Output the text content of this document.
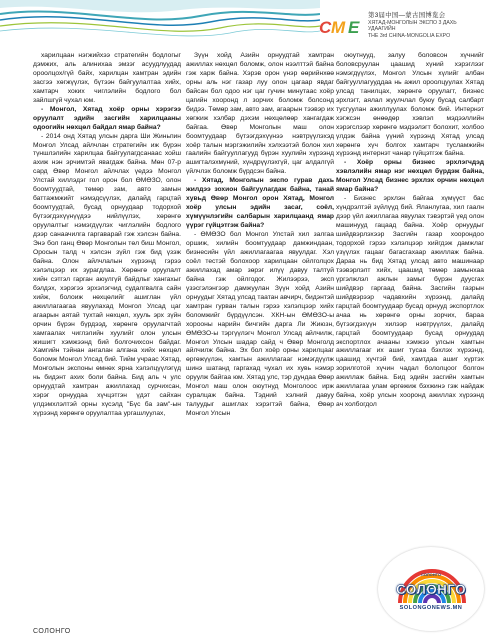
C M E
第3届中国—蒙古国博览会
ХЯТАД-МОНГОЛЫН ЭКСПО 3 ДАХЬ УДААГИЙН
THE 3rd CHINA-MONGOLIA EXPO

харилцаан нэгжийхээ стратегийн бодлогыг дэмжих, аль алинихаа эмзэг асуудлуудад ороолцох/гүй байх, харилцан хамтран эдийн засгээ хөгжүүлэх, бүтээн байгуулалтаа хийх, хамтарч хоких чиглэлийн бодлого бол зайлшгүй чухал юм.

- Монгол, Хятад хоёр орны хэрэгээ оруулалт эдийн засгийн харилцааны одоогийн нөхцөл байдал ямар байна?

- 2014 онд Хятад улсын дарга Ши Жиньпин Монгол Улсад айлчлан стратегийн иж бүрэн түншлэлийн харилцаа байгуулагдсанаас хойш ахиж нэн эрчимтэй явагдаж байна. Мөн 07-р сард Өвөр Монгол айлчлах үедээ Монгол Улстай хиллэдэг гол орон бол ӨМӨЗО, олон боомтуудтай, төмөр зам, авто замын баттажмжийт нэмэдсүүлэх, далайд гарцтай боомтуудтай, бусад орнуудаар тодорхой бүтээгдэхүүнүүдээ нийлүүлэх, хөрөнгө оруулалтыг нэмэгдүүлэх чиглэлийн бодлого дээр санаачилга гаргаварай гэж хэлсэн байна. Энэ бол ганц Өвөр Монголын төл биш Монгол, Оросын талд ч хэлсэн зүйл гэж бид үзэж байна. Олон айлчлалын хүрээнд гэрээ хэлэлцээр их зурагдлаа. Хөрөнгө оруулалт хийн сэтгэл гарган аюулгүй байдлыг хангахыг бэлдэх, хэрэгээ эрхэлэгчид судалгвалга сайн хийж, болоиж нөхцөлийг ашиглан үйл ажиллагаагаа явуулахад Монгол Улсад цаг агаарын аятай тухтай нөхцөл, хууль эрх зүйн орчин бүрэн бүрдээд, хөрөнгө оруулагчтай хамгаалах чиглэлийн хуулийг олон улсын жишигт хэмжээнд бий болгочихсон байдаг. Хамгийн тэйнан ангалан алгана хийх нөхцөл боломж Монгол Улсад бий. Тийм учраас Хятад, Монголын экспоны өмнөх ярна хэлэлцүүлэгүд нь бидэнт ахих боли байна. Бид аль ч улс орнуудтай хамтран ажиллахад сурчихсан, хэрэг орнуудаа хүчцэтгэн үдэт сайхан үлдэмхлэлтэй орны хүсэлд "Бүс ба зам"-ын хүрээнд хөрөнгө оруулалтаа ургашлуулах,

Зүүн хойд Азийн орнуудтай хамтран ажиллах нөхцөл боломж, олон нээлттэй байна гэж харж байна. Хэрэв орон үнэр өөрийнхөө орны аль нэг газар луу олон цагаар явдаг байсан бол одоо нэг цаг гучин минутаас хоёр цагийн хооронд л зорчих боломж болсонд бидээ. Төмөр зам, авто зам, агаарын тээвэр их хөгжиж хэлбар дэхэм нөхцөлөөр хангагдаж байгаа. Өвөр Монголын маш олон боомтуудаар бүтээгдэхүүнээ нэвтрүүлэхэд хоёр талын мэргэжилийн хэлхээтэй болон хил гаалийн байгууллагууд бүрэн хуулийн хүрээнд ашигталэхмүний, хүндрүүлэхгүй, цаг алдалгүй үйлчлэх боломж бүрдсэн байна.

- Хятад, Монголын экспо гурав дахь жилдээ зохион байгуулагдаж байна, танай хувьд Өвөр Монгол орон Хятад, Монгол хоёр улсын эдийн засаг, соёл, хүмүүнлэгийн салбарын харилцаанд ямар үүрэг гүйцэтгэж байна?

- ӨМӨЗО бол Монгол Улстай хил залгаа оршиж, хилийн боомтуудаар дамжиндаан, бизнесийн үйл ажиллагаагаа явуулдаг. Хэл соёл тестэй болохоор харилцаан ойлголцох ажиллахад амар зөрэг илүү давуу талтуй байна гэж ойлгодог. Жилээрээ, эксп үзэсгэлэнгээр дамжуулан Зүүн хойд Азийн орнуудыг Хятад улсад таатан авчирч, бидэнтэй хамтран гурван талын гэрээ хэлэлцээр хийх боломжийг бүрдүүлсэн. ХКН-ын ӨМӨЗО-ы хорооны нарийн бичгийн дарга Ли Жиюзн, ӨМӨЗО-ы тэргүүлэгч Монгол Улсад айлчилж, Монгол Улсын шадар сайд ч Өвөр Монголд айлчилж байна. Эх бол хоёр орны харилцааг өргөжүүлэн, хамтын ажиллагааг нэмэгдүүлж шинэ шатанд гаргахад чухал их хувь нэмэр оруулж байгаа юм. Хятад улс, тэр дундаа Өвөр Монгол маш олон оюутнуд Монголоос ирж суралцаж байна. Тэдний хэлний давуу талуудыг ашиглах хэрэгтэй байна, Өвөр Монгол Улсын

оюутнууд, залуу боловсон хүчнийг боловсруулан цаашид хүний хэрэглээг нэмэгдүүлэх, Монгол Улсын хүлийг албан байгууллагууддаа нь ажил ороолцуулах Хятад улсад танилцах, хөрөнгө оруулагт, бизнес эрхлэгт, аялал жуулчлал буюу бусад салбарт тусгуулан ажиллуулах боломж бий. Интернэт хэгжсэн өнөөдөр хэвлэл мэдээллийн хэрэгслээр хөрөнгө мэдээлэгт болохит, холбоо үлдэж байна үүний хүрээнд Хятад улсад хөрөнгө хүч болгох хамтарч тусламжийн хүрээнд интернэт чанар гүйцэтгэж байна.

- Хоёр орны бизнес эрхлэгчдэд хэвлэлийн ямар нэг нөхцөл бүрдэж байна, Монгол Улсад бизнес эрхлэх орчин нөхцөл ямар байна?

- Бизнес эрхлэн байгаа хүмүүст бас хүндрэлтэй зүйлүүд бий. Яланлугаа, хил гаалн дээр үйл ажиллагаа явуулах тэвэртэй үед олон машинууд гацаад байна. Хоёр орнуудыг шийдвэрлэхээр Засгийн газар хоорондоо тодорхой гэрээ хэлэлцээр хийгдэж дамжлаг үзүүлэх гацааг багасгахаар ажиллаж байна. Дараа нь бид Хятад улсад авто машинаар тээвэрлэлт хийх, цаашид төмөр замынхаа үргэлжлэл ажлын замыг бүрэн дуусгах шийдвэр гаргаад байна. Засгийн газрын шийдвэрээр чадавхийн хүрээнд, далайд гарцтай боомтуудаар бусад орнууд экспортлох ачаа нь хөрөнгө орны зорчих, бараа бүтээгдэхүүн хилээр нэвтрүүлэх, далайд гарцтай боомтуудаар бусад орнуудад экспортлох ачааны хэмжээ улсын хамтын ажиллагааг их ашиг тусаа бэхлэх хүрээнд, цаашид хүчтэй бий, хамтдаа ашиг хүртэх зорилготой хүчин чадал бололцоог болгон ажиллаж байна. Бид эдийн засгийн хамтын ажиллагаа улам өргөжиж бэхжинэ гэж найдаж байна, хоёр улсын хооронд ажиллах хүрээнд ач холбогдол

СОЛОНГО
СОЛОНГО
SOLONGONEWS.MN
СОЛОНГО
